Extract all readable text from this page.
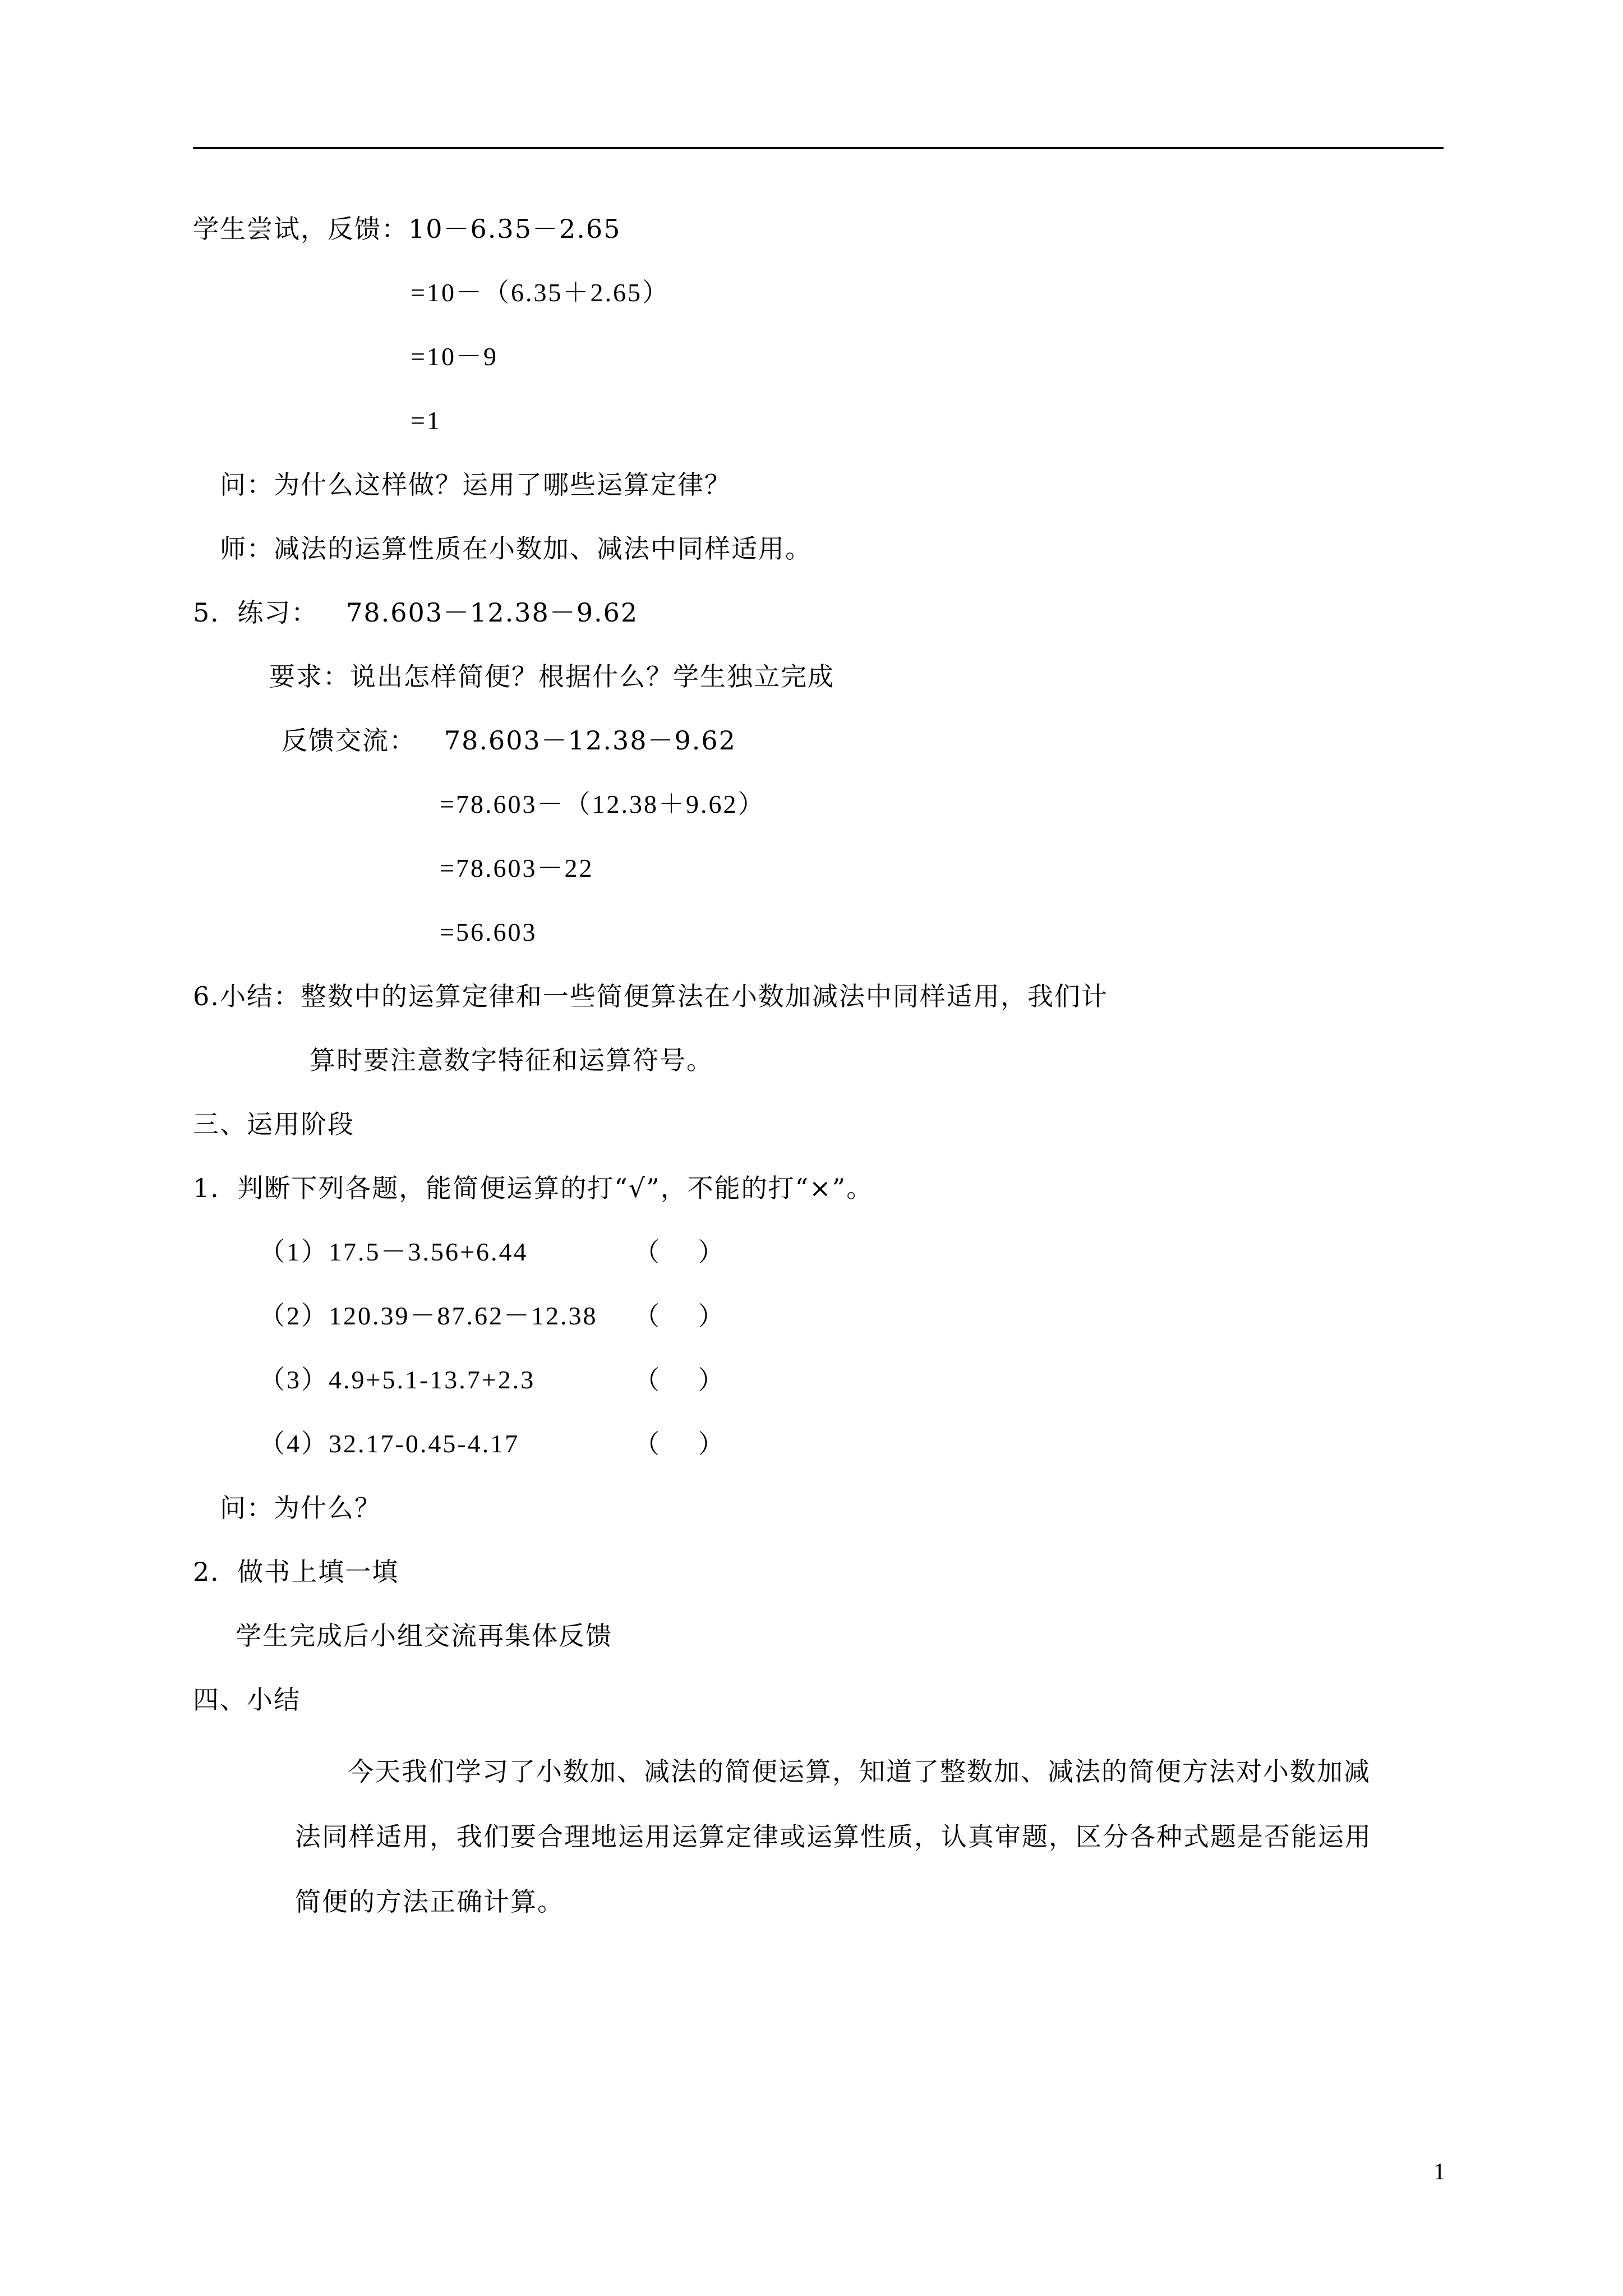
学生尝试，反馈：10－6.35－2.65
=10－（6.35＋2.65）
=10－9
=1
问：为什么这样做？运用了哪些运算定律？
师：减法的运算性质在小数加、减法中同样适用。
5．练习：   78.603－12.38－9.62
要求：说出怎样简便？根据什么？学生独立完成
反馈交流：   78.603－12.38－9.62
=78.603－（12.38＋9.62）
=78.603－22
=56.603
6.小结：整数中的运算定律和一些简便算法在小数加减法中同样适用，我们计
算时要注意数字特征和运算符号。
三、运用阶段
1．判断下列各题，能简便运算的打“√”，不能的打“×”。
（1）17.5－3.56+6.44	（    ）
（2）120.39－87.62－12.38 （    ）
（3）4.9+5.1-13.7+2.3	（    ）
（4）32.17-0.45-4.17	（    ）
问：为什么？
2．做书上填一填
学生完成后小组交流再集体反馈
四、小结
今天我们学习了小数加、减法的简便运算，知道了整数加、减法的简便方法对小数加减
法同样适用，我们要合理地运用运算定律或运算性质，认真审题，区分各种式题是否能运用
简便的方法正确计算。
1
